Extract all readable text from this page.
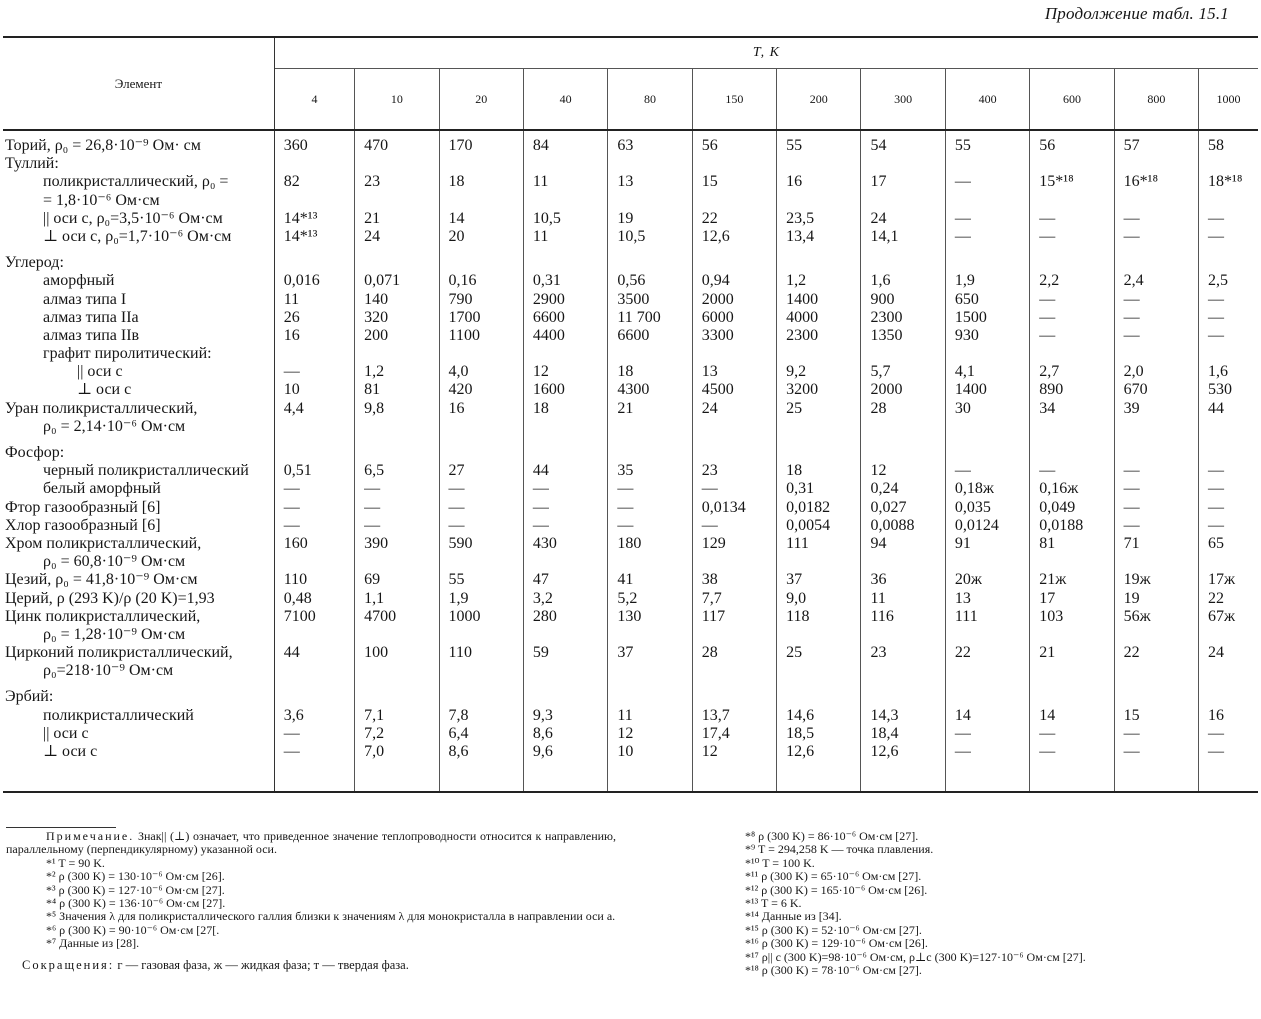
Продолжение табл. 15.1
Элемент	T, К											
	4	10	20	40	80	150	200	300	400	600	800	1000
Торий, ρ₀ = 26,8·10⁻⁹ Ом· см	360	470	170	84	63	56	55	54	55	56	57	58
Туллий:												
поликристаллический, ρ₀ =	82	23	18	11	13	15	16	17	—	15*¹⁸	16*¹⁸	18*¹⁸
= 1,8·10⁻⁶ Ом·см												
|| оси c, ρ₀=3,5·10⁻⁶ Ом·см	14*¹³	21	14	10,5	19	22	23,5	24	—	—	—	—
⊥ оси c, ρ₀=1,7·10⁻⁶ Ом·см	14*¹³	24	20	11	10,5	12,6	13,4	14,1	—	—	—	—

Углерод:												
аморфный	0,016	0,071	0,16	0,31	0,56	0,94	1,2	1,6	1,9	2,2	2,4	2,5
алмаз типа I	11	140	790	2900	3500	2000	1400	900	650	—	—	—
алмаз типа IIa	26	320	1700	6600	11 700	6000	4000	2300	1500	—	—	—
алмаз типа IIв	16	200	1100	4400	6600	3300	2300	1350	930	—	—	—
графит пиролитический:												
|| оси c	—	1,2	4,0	12	18	13	9,2	5,7	4,1	2,7	2,0	1,6
⊥ оси c	10	81	420	1600	4300	4500	3200	2000	1400	890	670	530
Уран поликристаллический,	4,4	9,8	16	18	21	24	25	28	30	34	39	44
ρ₀ = 2,14·10⁻⁶ Ом·см												

Фосфор:												
черный поликристаллический	0,51	6,5	27	44	35	23	18	12	—	—	—	—
белый аморфный	—	—	—	—	—	—	0,31	0,24	0,18ж	0,16ж	—	—
Фтор газообразный [6]	—	—	—	—	—	0,0134	0,0182	0,027	0,035	0,049	—	—
Хлор газообразный [6]	—	—	—	—	—	—	0,0054	0,0088	0,0124	0,0188	—	—
Хром поликристаллический,	160	390	590	430	180	129	111	94	91	81	71	65
ρ₀ = 60,8·10⁻⁹ Ом·см												
Цезий, ρ₀ = 41,8·10⁻⁹ Ом·см	110	69	55	47	41	38	37	36	20ж	21ж	19ж	17ж
Церий, ρ (293 K)/ρ (20 K)=1,93	0,48	1,1	1,9	3,2	5,2	7,7	9,0	11	13	17	19	22
Цинк поликристаллический,	7100	4700	1000	280	130	117	118	116	111	103	56ж	67ж
ρ₀ = 1,28·10⁻⁹ Ом·см												
Цирконий поликристаллический,	44	100	110	59	37	28	25	23	22	21	22	24
ρ₀=218·10⁻⁹ Ом·см												

Эрбий:												
поликристаллический	3,6	7,1	7,8	9,3	11	13,7	14,6	14,3	14	14	15	16
|| оси c	—	7,2	6,4	8,6	12	17,4	18,5	18,4	—	—	—	—
⊥ оси c	—	7,0	8,6	9,6	10	12	12,6	12,6	—	—	—	—

Примечание. Знак|| (⊥) означает, что приведенное значение теплопроводности относится к направлению, параллельному (перпендикулярному) указанной оси.

*¹ T = 90 K.

*² ρ (300 K) = 130·10⁻⁶ Ом·см [26].

*³ ρ (300 K) = 127·10⁻⁶ Ом·см [27].

*⁴ ρ (300 K) = 136·10⁻⁶ Ом·см [27].

*⁵ Значения λ для поликристаллического галлия близки к значениям λ для монокристалла в направлении оси a.

*⁶ ρ (300 K) = 90·10⁻⁶ Ом·см [27[.

*⁷ Данные из [28].

Сокращения: г — газовая фаза, ж — жидкая фаза; т — твердая фаза.

*⁸ ρ (300 K) = 86·10⁻⁶ Ом·см [27].

*⁹ T = 294,258 K — точка плавления.

*¹⁰ T = 100 K.

*¹¹ ρ (300 K) = 65·10⁻⁶ Ом·см [27].

*¹² ρ (300 K) = 165·10⁻⁶ Ом·см [26].

*¹³ T = 6 K.

*¹⁴ Данные из [34].

*¹⁵ ρ (300 K) = 52·10⁻⁶ Ом·см [27].

*¹⁶ ρ (300 K) = 129·10⁻⁶ Ом·см [26].

*¹⁷ ρ|| c (300 K)=98·10⁻⁶ Ом·см, ρ⊥c (300 K)=127·10⁻⁶ Ом·см [27].

*¹⁸ ρ (300 K) = 78·10⁻⁶ Ом·см [27].
